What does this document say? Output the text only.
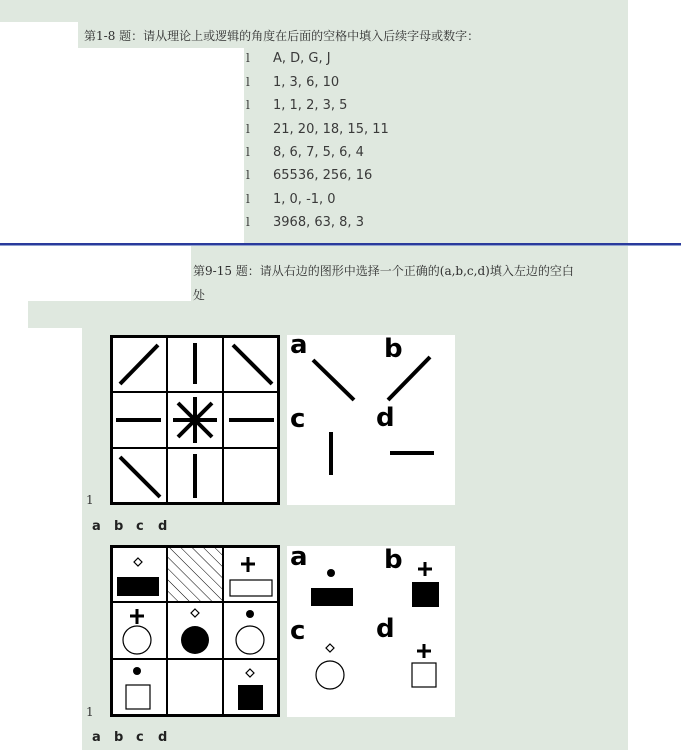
第1-8 题：请从理论上或逻辑的角度在后面的空格中填入后续字母或数字：
l A, D, G, J
l 1, 3, 6, 10
l 1, 1, 2, 3, 5
l 21, 20, 18, 15, 11
l 8, 6, 7, 5, 6, 4
l 65536, 256, 16
l 1, 0, -1, 0
l 3968, 63, 8, 3
第9-15 题：请从右边的图形中选择一个正确的(a,b,c,d)填入左边的空白
处
1
a	b
c	d
a b c d
1
a	b
c	d
a b c d
